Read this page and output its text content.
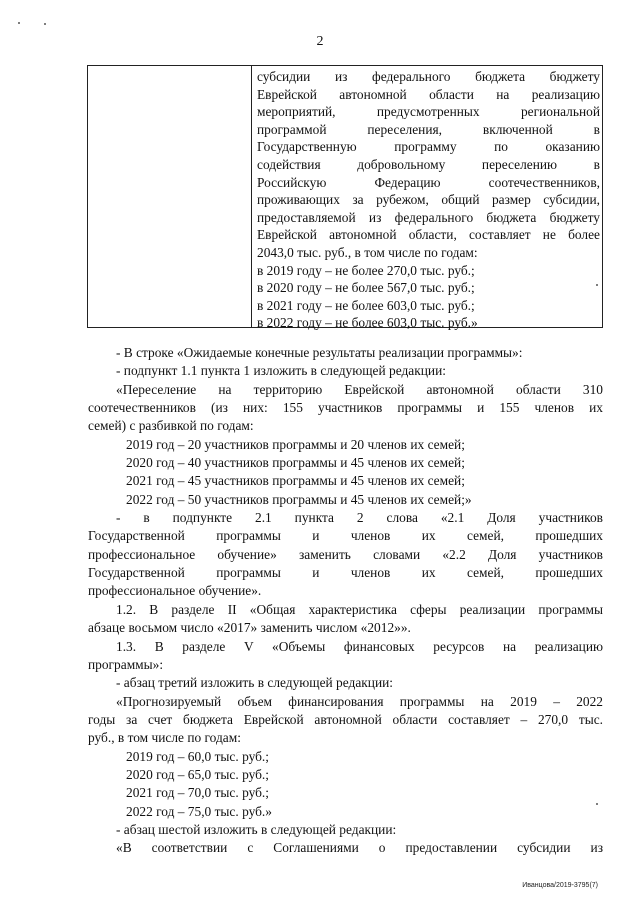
2
субсидии из федерального бюджета бюджету
Еврейской автономной области на реализацию
мероприятий, предусмотренных региональной
программой переселения, включенной в
Государственную программу по оказанию
содействия добровольному переселению в
Российскую Федерацию соотечественников,
проживающих за рубежом, общий размер субсидии,
предоставляемой из федерального бюджета бюджету
Еврейской автономной области, составляет не более
2043,0 тыс. руб., в том числе по годам:
в 2019 году – не более 270,0 тыс. руб.;
в 2020 году – не более 567,0 тыс. руб.;
в 2021 году – не более 603,0 тыс. руб.;
в 2022 году – не более 603,0 тыс. руб.»
- В строке «Ожидаемые конечные результаты реализации программы»:
- подпункт 1.1 пункта 1 изложить в следующей редакции:
«Переселение на территорию Еврейской автономной области 310
соотечественников (из них: 155 участников программы и 155 членов их
семей) с разбивкой по годам:
2019 год – 20 участников программы и 20 членов их семей;
2020 год – 40 участников программы и 45 членов их семей;
2021 год – 45 участников программы и 45 членов их семей;
2022 год – 50 участников программы и 45 членов их семей;»
- в подпункте 2.1 пункта 2 слова «2.1 Доля участников
Государственной программы и членов их семей, прошедших
профессиональное обучение» заменить словами «2.2 Доля участников
Государственной программы и членов их семей, прошедших
профессиональное обучение».
1.2. В разделе II «Общая характеристика сферы реализации программы
абзаце восьмом число «2017» заменить числом «2012»».
1.3. В разделе V «Объемы финансовых ресурсов на реализацию
программы»:
- абзац третий изложить в следующей редакции:
«Прогнозируемый объем финансирования программы на 2019 – 2022
годы за счет бюджета Еврейской автономной области составляет – 270,0 тыс.
руб., в том числе по годам:
2019 год – 60,0 тыс. руб.;
2020 год – 65,0 тыс. руб.;
2021 год – 70,0 тыс. руб.;
2022 год – 75,0 тыс. руб.»
- абзац шестой изложить в следующей редакции:
«В соответствии с Соглашениями о предоставлении субсидии из
Иванцова/2019-3795(7)
